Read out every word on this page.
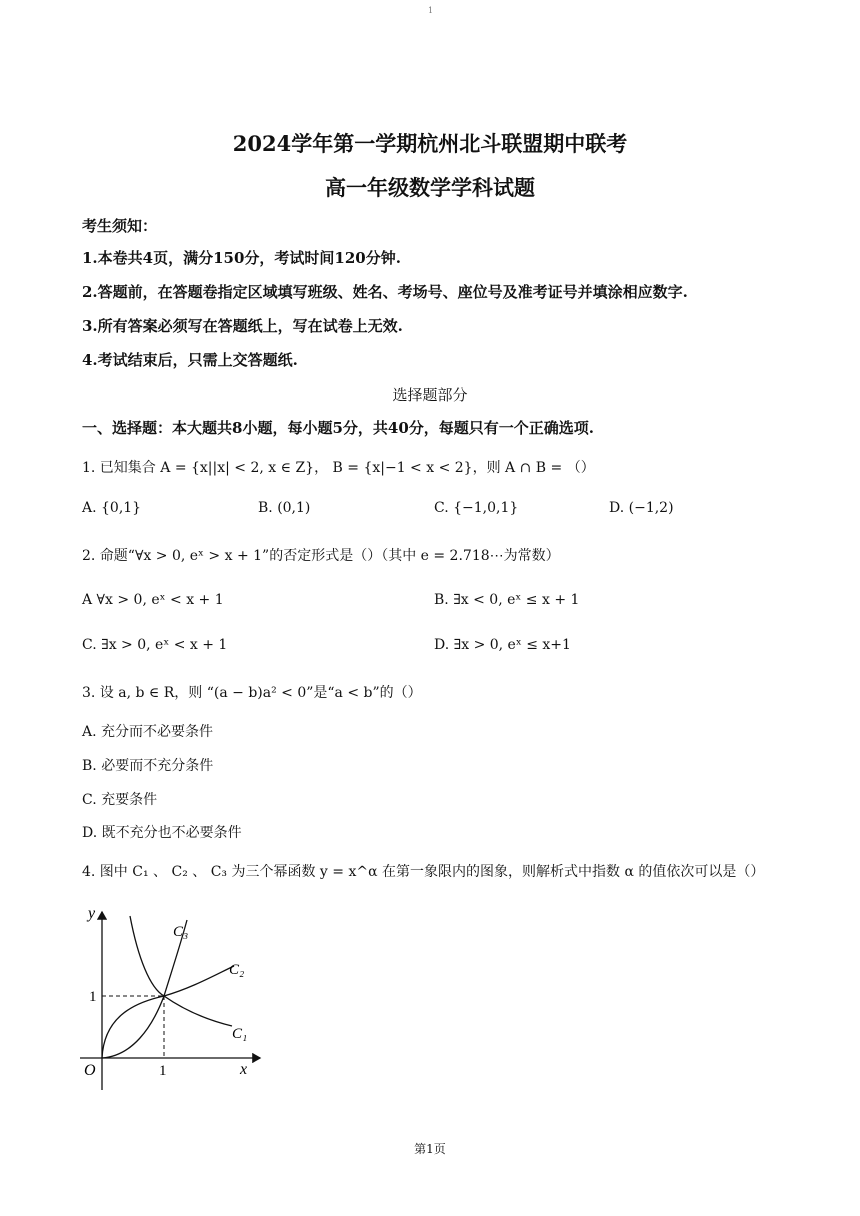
1
2024学年第一学期杭州北斗联盟期中联考
高一年级数学学科试题
考生须知：
1.本卷共4页，满分150分，考试时间120分钟.
2.答题前，在答题卷指定区域填写班级、姓名、考场号、座位号及准考证号并填涂相应数字.
3.所有答案必须写在答题纸上，写在试卷上无效.
4.考试结束后，只需上交答题纸.
选择题部分
一、选择题：本大题共8小题，每小题5分，共40分，每题只有一个正确选项.
1. 已知集合 A = {x||x| < 2, x ∈ Z}， B = {x|−1 < x < 2}，则 A ∩ B = （）
A. {0,1}	B. (0,1)	C. {−1,0,1}	D. (−1,2)
2. 命题“∀x > 0, eˣ > x + 1”的否定形式是（）（其中 e = 2.718⋯为常数）
A ∀x > 0, eˣ < x + 1	B. ∃x < 0, eˣ ≤ x + 1
C. ∃x > 0, eˣ < x + 1	D. ∃x > 0, eˣ ≤ x+1
3. 设 a, b ∈ R，则 “(a − b)a² < 0”是“a < b”的（）
A. 充分而不必要条件
B. 必要而不充分条件
C. 充要条件
D. 既不充分也不必要条件
4. 图中 C₁ 、 C₂ 、 C₃ 为三个幂函数 y = x^α 在第一象限内的图象，则解析式中指数 α 的值依次可以是（）
y
x
O	1
1
C₃
C₂
C₁
第1页
